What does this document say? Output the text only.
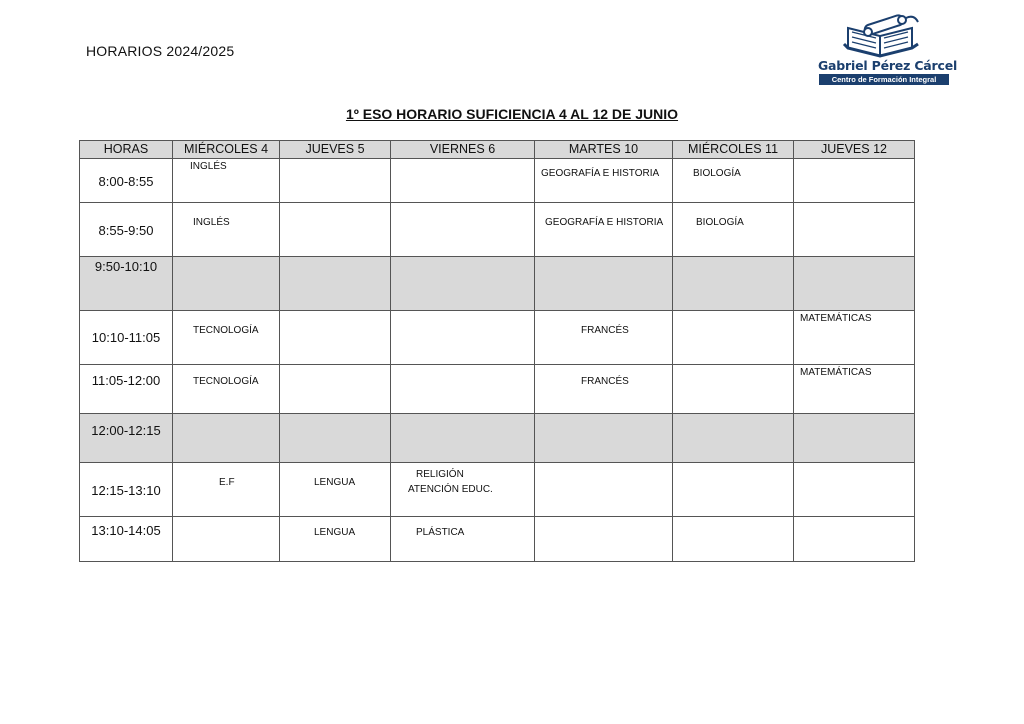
HORARIOS 2024/2025
Gabriel Pérez Cárcel
Centro de Formación Integral
1º ESO HORARIO SUFICIENCIA 4 AL 12 DE JUNIO
HORAS	MIÉRCOLES 4	JUEVES 5	VIERNES 6	MARTES 10	MIÉRCOLES 11	JUEVES 12

8:00-8:55	INGLÉS			GEOGRAFÍA E HISTORIA	BIOLOGÍA	

8:55-9:50	INGLÉS			GEOGRAFÍA E HISTORIA	BIOLOGÍA	

9:50-10:10						

10:10-11:05	TECNOLOGÍA			FRANCÉS		MATEMÁTICAS

11:05-12:00	TECNOLOGÍA			FRANCÉS		MATEMÁTICAS

12:00-12:15						

12:15-13:10	E.F	LENGUA	RELIGIÓN
ATENCIÓN EDUC.			

13:10-14:05		LENGUA	PLÁSTICA			
